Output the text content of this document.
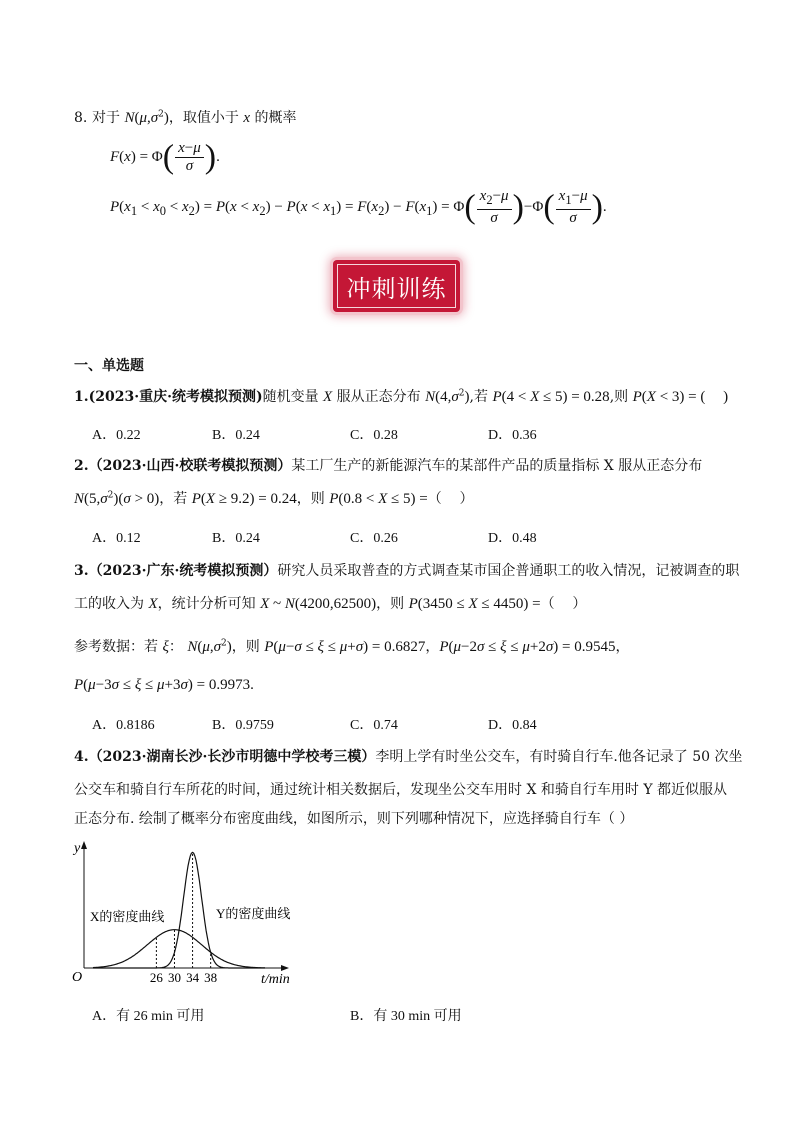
8. 对于 $N(\mu,\sigma^2)$，取值小于 x 的概率
$F(x) = \Phi( \frac{x-\mu}{\sigma}$ ).
$P(x_1 < x_0 < x_2) = P(x < x_2) - P(x < x_1) = F(x_2) - F(x_1) = \Phi( \frac{x_2-\mu}{\sigma} )-\Phi( \frac{x_1-\mu}{\sigma}$ ).
冲刺训练
一、单选题
1.(2023·重庆·统考模拟预测)随机变量 X 服从正态分布 $N(4,\sigma^2)$,若 P(4 < X ≤ 5) = 0.28,则 P(X < 3) = ( )
A．0.22	B．0.24	C．0.28	D．0.36
2.（2023·山西·校联考模拟预测）某工厂生产的新能源汽车的某部件产品的质量指标 X 服从正态分布
$N(5,\sigma^2)(\sigma > 0)$，若 P(X ≥ 9.2) = 0.24，则 P(0.8 < X ≤ 5) =（    ）
A．0.12	B．0.24	C．0.26	D．0.48
3.（2023·广东·统考模拟预测）研究人员采取普查的方式调查某市国企普通职工的收入情况，记被调查的职
工的收入为 X，统计分析可知 X ~ N(4200,62500)，则 P(3450 ≤ X ≤ 4450) =（    ）
参考数据：若 ξ： $N(\mu,\sigma^2)$，则 P(μ−σ ≤ ξ ≤ μ+σ) = 0.6827，P(μ−2σ ≤ ξ ≤ μ+2σ) = 0.9545，
P(μ−3σ ≤ ξ ≤ μ+3σ) = 0.9973.
A．0.8186	B．0.9759	C．0.74	D．0.84
4.（2023·湖南长沙·长沙市明德中学校考三模）李明上学有时坐公交车，有时骑自行车.他各记录了 50 次坐
公交车和骑自行车所花的时间，通过统计相关数据后，发现坐公交车用时 X 和骑自行车用时 Y 都近似服从
正态分布. 绘制了概率分布密度曲线，如图所示，则下列哪种情况下，应选择骑自行车（ ）
y
O	t/min
26 30 34 38
X的密度曲线	Y的密度曲线
A．有 26 min 可用	B．有 30 min 可用
